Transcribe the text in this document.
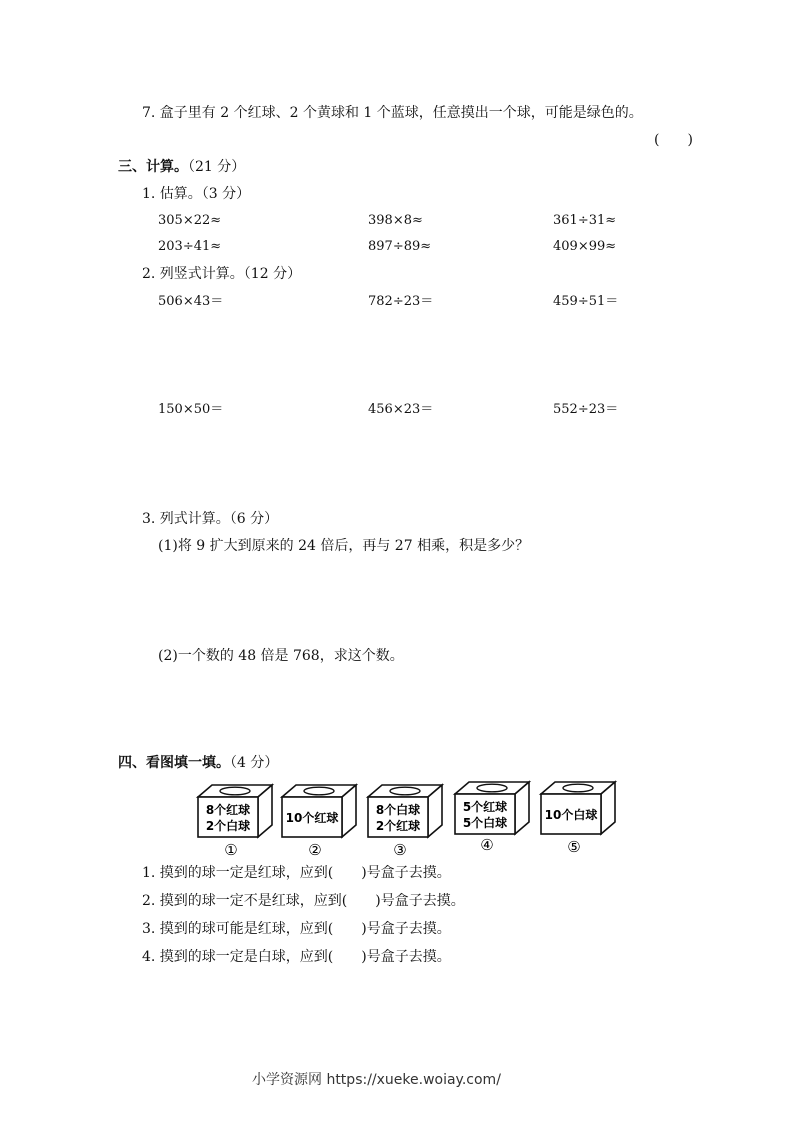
7. 盒子里有 2 个红球、2 个黄球和 1 个蓝球，任意摸出一个球，可能是绿色的。
(　　)
三、计算。（21 分）
1. 估算。（3 分）
305×22≈	398×8≈	361÷31≈
203÷41≈	897÷89≈	409×99≈
2. 列竖式计算。（12 分）
506×43＝	782÷23＝	459÷51＝
150×50＝	456×23＝	552÷23＝
3. 列式计算。（6 分）
(1)将 9 扩大到原来的 24 倍后，再与 27 相乘，积是多少？
(2)一个数的 48 倍是 768，求这个数。
四、看图填一填。（4 分）
8个红球
2个白球
①
10个红球
②
8个白球
2个红球
③
5个红球
5个白球
④
10个白球
⑤
1. 摸到的球一定是红球，应到(　　)号盒子去摸。
2. 摸到的球一定不是红球，应到(　　)号盒子去摸。
3. 摸到的球可能是红球，应到(　　)号盒子去摸。
4. 摸到的球一定是白球，应到(　　)号盒子去摸。
小学资源网 https://xueke.woiay.com/
